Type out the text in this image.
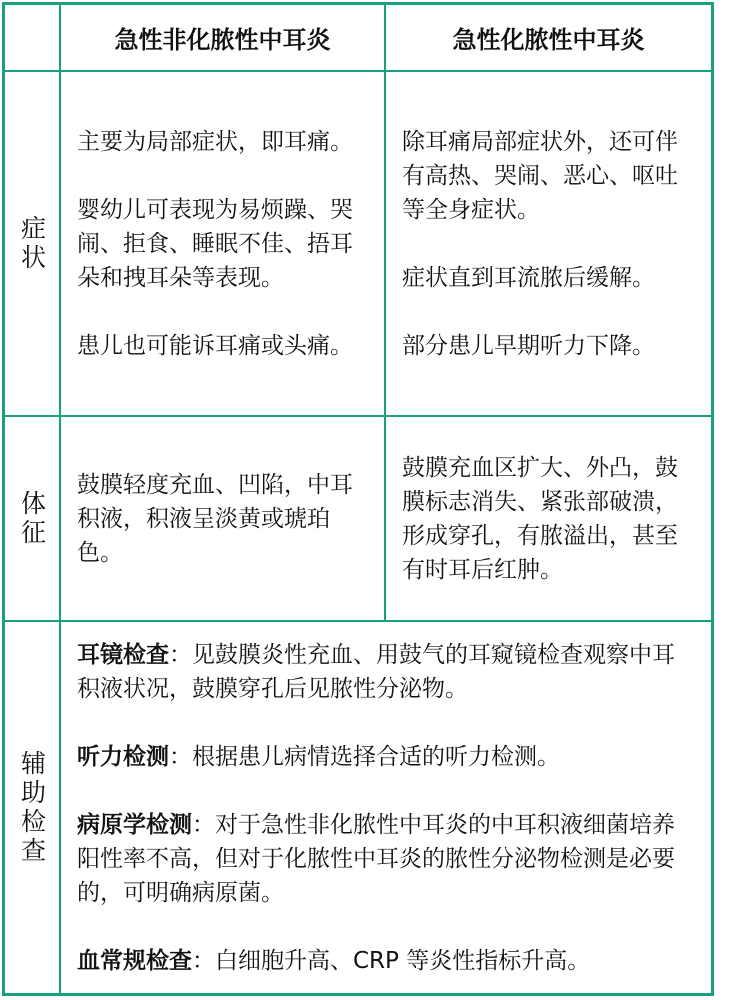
急性非化脓性中耳炎	急性化脓性中耳炎
症状

主要为局部症状，即耳痛。

婴幼儿可表现为易烦躁、哭闹、拒食、睡眠不佳、捂耳朵和拽耳朵等表现。

患儿也可能诉耳痛或头痛。

除耳痛局部症状外，还可伴有高热、哭闹、恶心、呕吐等全身症状。

症状直到耳流脓后缓解。

部分患儿早期听力下降。

体征

鼓膜轻度充血、凹陷，中耳积液，积液呈淡黄或琥珀色。

鼓膜充血区扩大、外凸，鼓膜标志消失、紧张部破溃，形成穿孔，有脓溢出，甚至有时耳后红肿。

辅助检查

耳镜检查：见鼓膜炎性充血、用鼓气的耳窥镜检查观察中耳积液状况，鼓膜穿孔后见脓性分泌物。

听力检测：根据患儿病情选择合适的听力检测。

病原学检测：对于急性非化脓性中耳炎的中耳积液细菌培养阳性率不高，但对于化脓性中耳炎的脓性分泌物检测是必要的，可明确病原菌。

血常规检查：白细胞升高、CRP 等炎性指标升高。
